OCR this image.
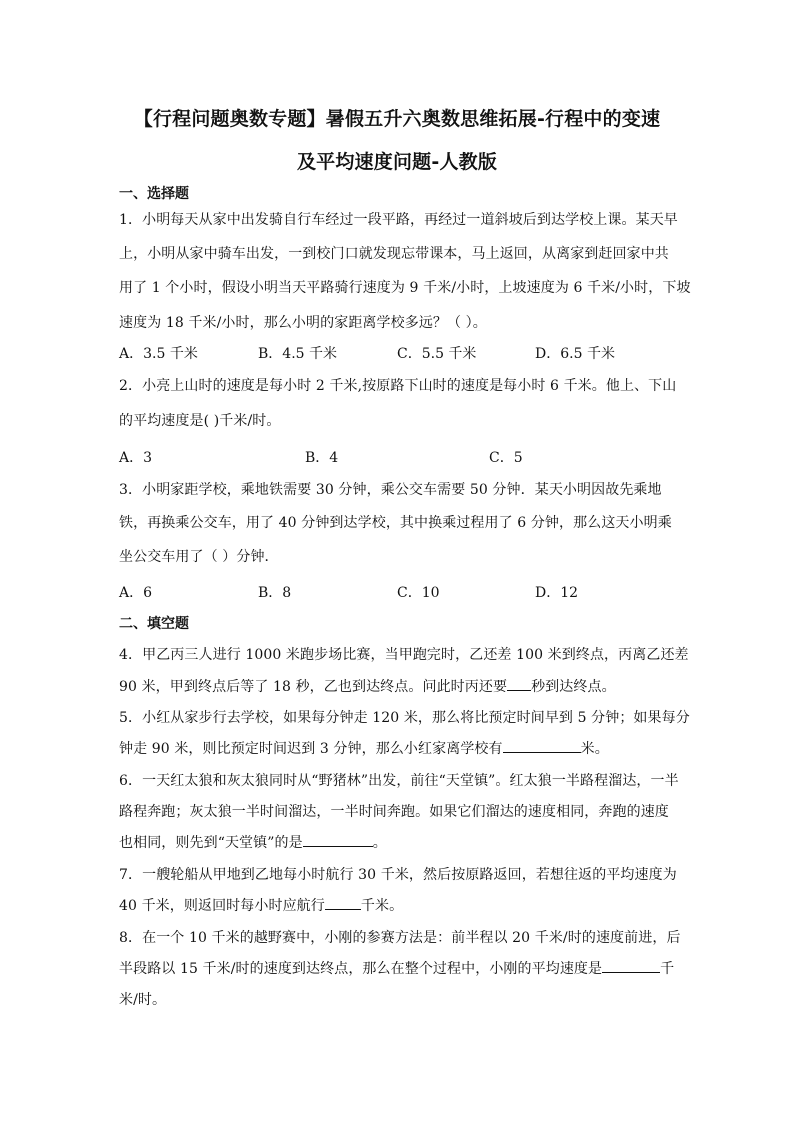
【行程问题奥数专题】暑假五升六奥数思维拓展-行程中的变速
及平均速度问题-人教版
一、选择题
1．小明每天从家中出发骑自行车经过一段平路，再经过一道斜坡后到达学校上课。某天早
上，小明从家中骑车出发，一到校门口就发现忘带课本，马上返回，从离家到赶回家中共
用了 1 个小时，假设小明当天平路骑行速度为 9 千米/小时，上坡速度为 6 千米/小时，下坡
速度为 18 千米/小时，那么小明的家距离学校多远？（ ）。
A．3.5 千米	B．4.5 千米	C．5.5 千米	D．6.5 千米
2．小亮上山时的速度是每小时 2 千米,按原路下山时的速度是每小时 6 千米。他上、下山
的平均速度是( )千米/时。
A．3	B．4	C．5
3．小明家距学校，乘地铁需要 30 分钟，乘公交车需要 50 分钟．某天小明因故先乘地
铁，再换乘公交车，用了 40 分钟到达学校，其中换乘过程用了 6 分钟，那么这天小明乘
坐公交车用了（ ）分钟．
A．6	B．8	C．10	D．12
二、填空题
4．甲乙丙三人进行 1000 米跑步场比赛，当甲跑完时，乙还差 100 米到终点，丙离乙还差
90 米，甲到终点后等了 18 秒，乙也到达终点。问此时丙还要 秒到达终点。
5．小红从家步行去学校，如果每分钟走 120 米，那么将比预定时间早到 5 分钟；如果每分
钟走 90 米，则比预定时间迟到 3 分钟，那么小红家离学校有	米。
6．一天红太狼和灰太狼同时从“野猪林”出发，前往“天堂镇”。红太狼一半路程溜达，一半
路程奔跑；灰太狼一半时间溜达，一半时间奔跑。如果它们溜达的速度相同，奔跑的速度
也相同，则先到“天堂镇”的是	。
7．一艘轮船从甲地到乙地每小时航行 30 千米，然后按原路返回，若想往返的平均速度为
40 千米，则返回时每小时应航行	千米。
8．在一个 10 千米的越野赛中，小刚的参赛方法是：前半程以 20 千米/时的速度前进，后
半段路以 15 千米/时的速度到达终点，那么在整个过程中，小刚的平均速度是	千
米/时。
